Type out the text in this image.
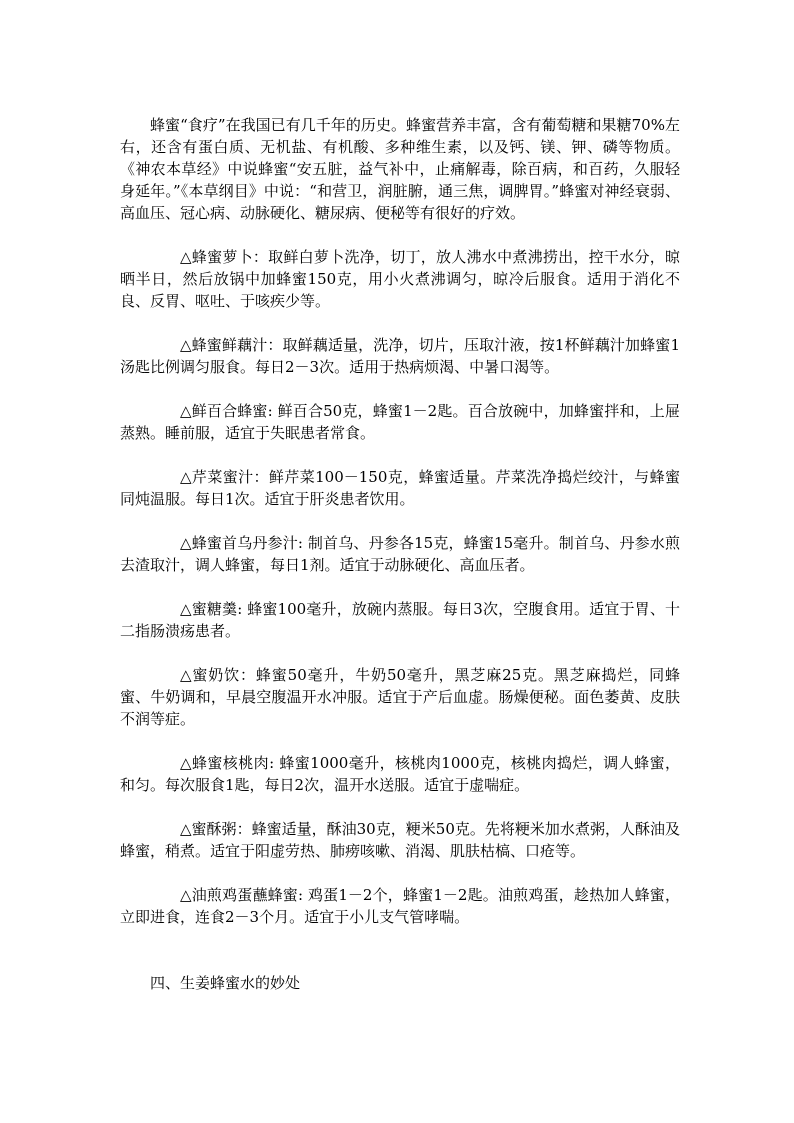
蜂蜜“食疗”在我国已有几千年的历史。蜂蜜营养丰富，含有葡萄糖和果糖70%左右，还含有蛋白质、无机盐、有机酸、多种维生素，以及钙、镁、钾、磷等物质。《神农本草经》中说蜂蜜“安五脏，益气补中，止痛解毒，除百病，和百药，久服轻身延年。”《本草纲目》中说：“和营卫，润脏腑，通三焦，调脾胃。”蜂蜜对神经衰弱、高血压、冠心病、动脉硬化、糖尿病、便秘等有很好的疗效。

△蜂蜜萝卜：取鲜白萝卜洗净，切丁，放人沸水中煮沸捞出，控干水分，晾晒半日，然后放锅中加蜂蜜150克，用小火煮沸调匀，晾冷后服食。适用于消化不良、反胃、呕吐、于咳疾少等。

△蜂蜜鲜藕汁：取鲜藕适量，洗净，切片，压取汁液，按1杯鲜藕汁加蜂蜜1汤匙比例调匀服食。每日2－3次。适用于热病烦渴、中暑口渴等。

△鲜百合蜂蜜: 鲜百合50克，蜂蜜1－2匙。百合放碗中，加蜂蜜拌和，上屉蒸熟。睡前服，适宜于失眠患者常食。

△芹菜蜜汁：鲜芹菜100－150克，蜂蜜适量。芹菜洗净捣烂绞汁，与蜂蜜同炖温服。每日1次。适宜于肝炎患者饮用。

△蜂蜜首乌丹参汁: 制首乌、丹参各15克，蜂蜜15毫升。制首乌、丹参水煎去渣取汁，调人蜂蜜，每日1剂。适宜于动脉硬化、高血压者。

△蜜糖羹: 蜂蜜100毫升，放碗内蒸服。每日3次，空腹食用。适宜于胃、十二指肠溃疡患者。

△蜜奶饮：蜂蜜50毫升，牛奶50毫升，黑芝麻25克。黑芝麻捣烂，同蜂蜜、牛奶调和，早晨空腹温开水冲服。适宜于产后血虚。肠燥便秘。面色萎黄、皮肤不润等症。

△蜂蜜核桃肉: 蜂蜜1000毫升，核桃肉1000克，核桃肉捣烂，调人蜂蜜，和匀。每次服食1匙，每日2次，温开水送服。适宜于虚喘症。

△蜜酥粥：蜂蜜适量，酥油30克，粳米50克。先将粳米加水煮粥，人酥油及蜂蜜，稍煮。适宜于阳虚劳热、肺痨咳嗽、消渴、肌肤枯槁、口疮等。

△油煎鸡蛋蘸蜂蜜: 鸡蛋1－2个，蜂蜜1－2匙。油煎鸡蛋，趁热加人蜂蜜，立即进食，连食2－3个月。适宜于小儿支气管哮喘。

四、生姜蜂蜜水的妙处
